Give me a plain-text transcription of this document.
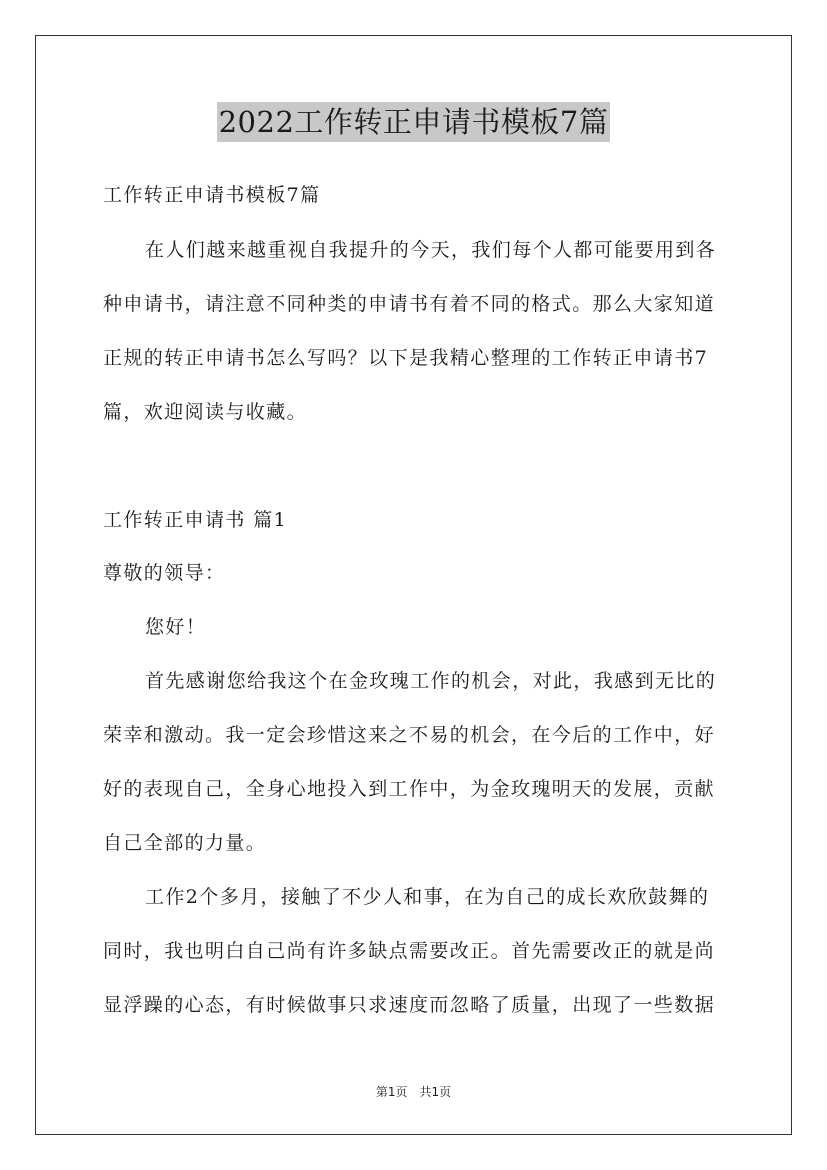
2022工作转正申请书模板7篇
工作转正申请书模板7篇
在人们越来越重视自我提升的今天，我们每个人都可能要用到各
种申请书，请注意不同种类的申请书有着不同的格式。那么大家知道
正规的转正申请书怎么写吗？以下是我精心整理的工作转正申请书7
篇，欢迎阅读与收藏。
工作转正申请书 篇1
尊敬的领导：
您好！
首先感谢您给我这个在金玫瑰工作的机会，对此，我感到无比的
荣幸和激动。我一定会珍惜这来之不易的机会，在今后的工作中，好
好的表现自己，全身心地投入到工作中，为金玫瑰明天的发展，贡献
自己全部的力量。
工作2个多月，接触了不少人和事，在为自己的成长欢欣鼓舞的
同时，我也明白自己尚有许多缺点需要改正。首先需要改正的就是尚
显浮躁的心态，有时候做事只求速度而忽略了质量，出现了一些数据
第1页 共1页
